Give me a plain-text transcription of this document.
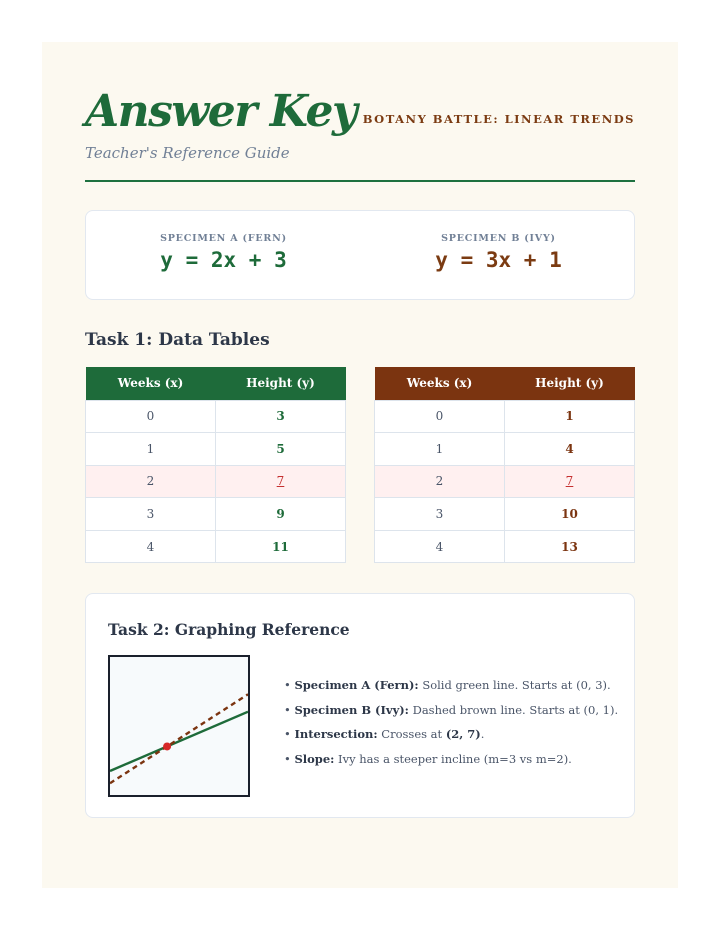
Answer Key
Teacher's Reference Guide
BOTANY BATTLE: LINEAR TRENDS
SPECIMEN A (FERN)
y = 2x + 3
SPECIMEN B (IVY)
y = 3x + 1
Task 1: Data Tables
Weeks (x)	Height (y)
0	3
1	5
2	7
3	9
4	11
Weeks (x)	Height (y)
0	1
1	4
2	7
3	10
4	13
Task 2: Graphing Reference
• Specimen A (Fern): Solid green line. Starts at (0, 3).
• Specimen B (Ivy): Dashed brown line. Starts at (0, 1).
• Intersection: Crosses at (2, 7).
• Slope: Ivy has a steeper incline (m=3 vs m=2).
